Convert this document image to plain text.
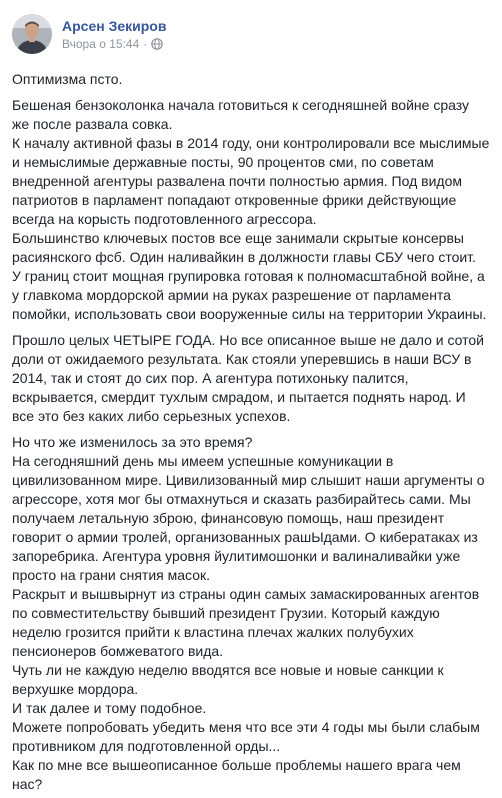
Арсен Зекиров
Вчора о 15:44 ·

Оптимизма псто.

Бешеная бензоколонка начала готовиться к сегодняшней войне сразу же после развала совка.
К началу активной фазы в 2014 году, они контролировали все мыслимые и немыслимые державные посты, 90 процентов сми, по советам внедренной агентуры развалена почти полностью армия. Под видом патриотов в парламент попадают откровенные фрики действующие всегда на корысть подготовленного агрессора.
Большинство ключевых постов все еще занимали скрытые консервы расиянского фсб. Один наливайкин в должности главы СБУ чего стоит.
У границ стоит мощная групировка готовая к полномасштабной войне, а у главкома мордорской армии на руках разрешение от парламента помойки, использовать свои вооруженные силы на территории Украины.

Прошло целых ЧЕТЫРЕ ГОДА. Но все описанное выше не дало и сотой доли от ожидаемого результата. Как стояли уперевшись в наши ВСУ в 2014, так и стоят до сих пор. А агентура потихоньку палится, вскрывается, смердит тухлым смрадом, и пытается поднять народ. И все это без каких либо серьезных успехов.

Но что же изменилось за это время?
На сегодняшний день мы имеем успешные комуникации в цивилизованном мире. Цивилизованный мир слышит наши аргументы о агрессоре, хотя мог бы отмахнуться и сказать разбирайтесь сами. Мы получаем летальную зброю, финансовую помощь, наш президент говорит о армии тролей, организованных рашЫдами. О кибератаках из запоребрика. Агентура уровня йулитимошонки и валиналивайки уже просто на грани снятия масок.
Раскрыт и вышвырнут из страны один самых замаскированных агентов по совместительству бывший президент Грузии. Который каждую неделю грозится прийти к властина плечах жалких полубухих пенсионеров бомжеватого вида.
Чуть ли не каждую неделю вводятся все новые и новые санкции к верхушке мордора.
И так далее и тому подобное.
Можете попробовать убедить меня что все эти 4 годы мы были слабым противником для подготовленной орды...
Как по мне все вышеописанное больше проблемы нашего врага чем нас?
